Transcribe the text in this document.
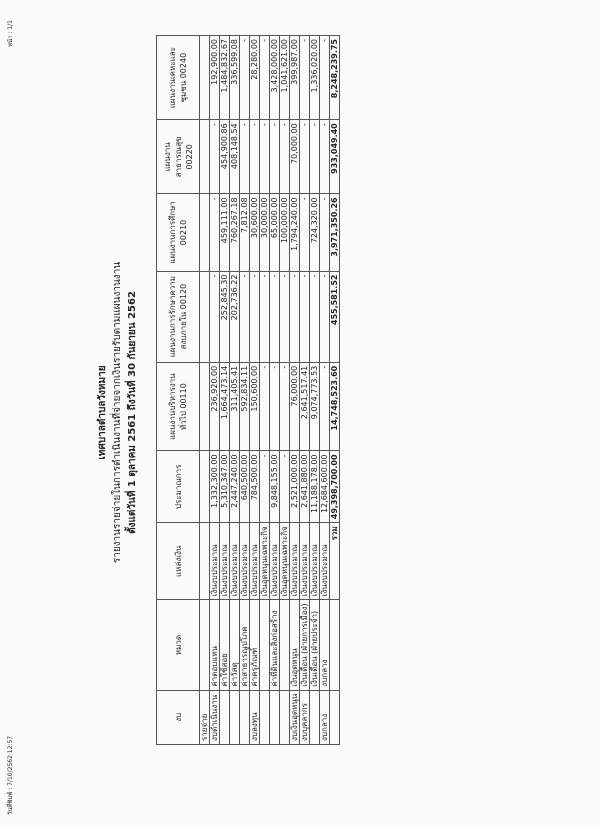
วันที่พิมพ์ : 7/10/2562 12:57
หน้า : 1/1
เทศบาลตำบลวังหมาย รายงานรายจ่ายในการดำเนินงานที่จ่ายจากเงินรายรับตามแผนงานงาน ตั้งแต่วันที่ 1 ตุลาคม 2561 ถึงวันที่ 30 กันยายน 2562
งบ	หมวด	แหล่งเงิน	ประมาณการ	แผนงานบริหารงานทั่วไป 00110	แผนงานการรักษาความสงบภายใน 00120	แผนงานการศึกษา 00210	แผนงานสาธารณสุข 00220	แผนงานเคหะและชุมชน 00240
รายจ่าย								
งบดำเนินงาน	ค่าตอบแทน	เงินงบประมาณ	1,332,300.00	236,920.00	-	-	-	192,900.00
	ค่าใช้สอย	เงินงบประมาณ	5,310,347.00	1,664,473.14	252,845.30	459,111.00	454,900.86	1,484,832.67
	ค่าวัสดุ	เงินงบประมาณ	2,447,240.00	311,405.41	202,736.22	760,267.18	408,148.54	336,599.08
	ค่าสาธารณูปโภค	เงินงบประมาณ	640,500.00	592,834.11	-	7,812.08	-	-
งบลงทุน	ค่าครุภัณฑ์	เงินงบประมาณ	784,500.00	150,600.00	-	30,600.00	-	28,280.00
		เงินอุดหนุนเฉพาะกิจ	-	-	-	30,000.00	-	-
	ค่าที่ดินและสิ่งก่อสร้าง	เงินงบประมาณ	9,848,155.00	-	-	65,000.00	-	3,428,000.00
		เงินอุดหนุนเฉพาะกิจ	-	-	-	100,000.00	-	1,041,621.00
งบเงินอุดหนุน	เงินอุดหนุน	เงินงบประมาณ	2,521,000.00	76,000.00	-	1,794,240.00	70,000.00	399,987.00
งบบุคลากร	เงินเดือน (ฝ่ายการเมือง)	เงินงบประมาณ	2,641,880.00	2,641,517.41	-	-	-	-
	เงินเดือน (ฝ่ายประจำ)	เงินงบประมาณ	11,188,178.00	9,074,773.53	-	724,320.00	-	1,336,020.00
งบกลาง	งบกลาง	เงินงบประมาณ	12,684,600.00	-	-	-	-	-
		รวม	49,398,700.00	14,748,523.60	455,581.52	3,971,350.26	933,049.40	8,248,239.75
